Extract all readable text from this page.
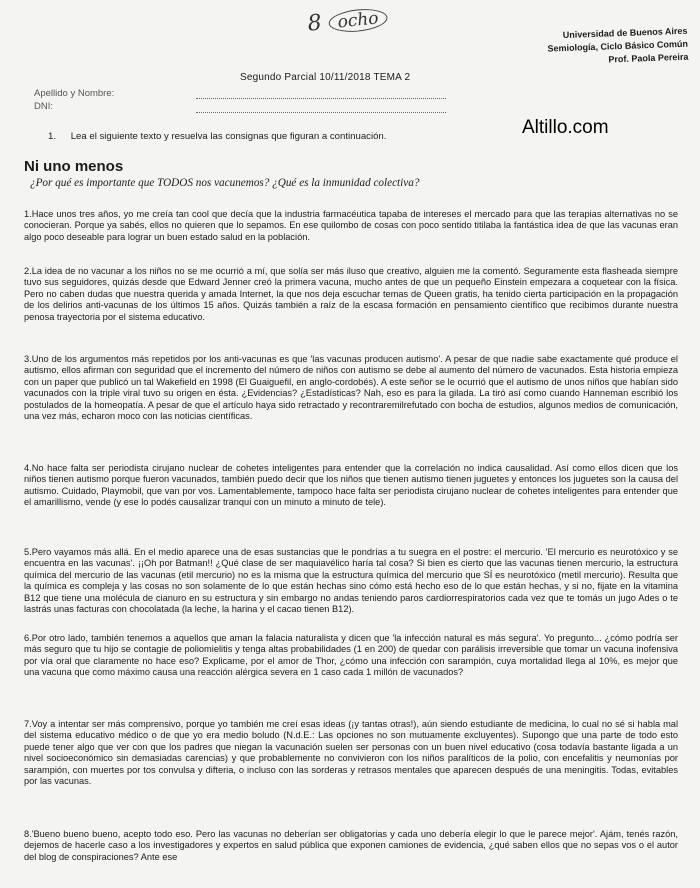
8 ocho
Universidad de Buenos Aires
Semiología, Ciclo Básico Común
Prof. Paola Pereira
Segundo Parcial 10/11/2018 TEMA 2
Apellido y Nombre:
DNI:
Altillo.com
1. Lea el siguiente texto y resuelva las consignas que figuran a continuación.
Ni uno menos
¿Por qué es importante que TODOS nos vacunemos? ¿Qué es la inmunidad colectiva?
1.Hace unos tres años, yo me creía tan cool que decía que la industria farmacéutica tapaba de intereses el mercado para que las terapias alternativas no se conocieran. Porque ya sabés, ellos no quieren que lo sepamos. En ese quilombo de cosas con poco sentido titilaba la fantástica idea de que las vacunas eran algo poco deseable para lograr un buen estado salud en la población.
2.La idea de no vacunar a los niños no se me ocurrió a mí, que solía ser más iluso que creativo, alguien me la comentó. Seguramente esta flasheada siempre tuvo sus seguidores, quizás desde que Edward Jenner creó la primera vacuna, mucho antes de que un pequeño Einstein empezara a coquetear con la física. Pero no caben dudas que nuestra querida y amada Internet, la que nos deja escuchar temas de Queen gratis, ha tenido cierta participación en la propagación de los delirios anti-vacunas de los últimos 15 años. Quizás también a raíz de la escasa formación en pensamiento científico que recibimos durante nuestra penosa trayectoria por el sistema educativo.
3.Uno de los argumentos más repetidos por los anti-vacunas es que 'las vacunas producen autismo'. A pesar de que nadie sabe exactamente qué produce el autismo, ellos afirman con seguridad que el incremento del número de niños con autismo se debe al aumento del número de vacunados. Esta historia empieza con un paper que publicó un tal Wakefield en 1998 (El Guaiguefil, en anglo-cordobés). A este señor se le ocurrió que el autismo de unos niños que habían sido vacunados con la triple viral tuvo su origen en ésta. ¿Evidencias? ¿Estadísticas? Nah, eso es para la gilada. La tiró así como cuando Hanneman escribió los postulados de la homeopatía. A pesar de que el artículo haya sido retractado y recontraremilrefutado con bocha de estudios, algunos medios de comunicación, una vez más, echaron moco con las noticias científicas.
4.No hace falta ser periodista cirujano nuclear de cohetes inteligentes para entender que la correlación no indica causalidad. Así como ellos dicen que los niños tienen autismo porque fueron vacunados, también puedo decir que los niños que tienen autismo tienen juguetes y entonces los juguetes son la causa del autismo. Cuidado, Playmobil, que van por vos. Lamentablemente, tampoco hace falta ser periodista cirujano nuclear de cohetes inteligentes para entender que el amarillismo, vende (y ese lo podés causalizar tranqui con un minuto a minuto de tele).
5.Pero vayamos más allá. En el medio aparece una de esas sustancias que le pondrías a tu suegra en el postre: el mercurio. 'El mercurio es neurotóxico y se encuentra en las vacunas'. ¡¡Oh por Batman!! ¿Qué clase de ser maquiavélico haría tal cosa? Si bien es cierto que las vacunas tienen mercurio, la estructura química del mercurio de las vacunas (etil mercurio) no es la misma que la estructura química del mercurio que SÍ es neurotóxico (metil mercurio). Resulta que la química es compleja y las cosas no son solamente de lo que están hechas sino cómo está hecho eso de lo que están hechas, y si no, fijate en la vitamina B12 que tiene una molécula de cianuro en su estructura y sin embargo no andas teniendo paros cardiorrespiratorios cada vez que te tomás un jugo Ades o te lastrás unas facturas con chocolatada (la leche, la harina y el cacao tienen B12).
6.Por otro lado, también tenemos a aquellos que aman la falacia naturalista y dicen que 'la infección natural es más segura'. Yo pregunto... ¿cómo podría ser más seguro que tu hijo se contagie de poliomielitis y tenga altas probabilidades (1 en 200) de quedar con parálisis irreversible que tomar un vacuna inofensiva por vía oral que claramente no hace eso? Explicame, por el amor de Thor, ¿cómo una infección con sarampión, cuya mortalidad llega al 10%, es mejor que una vacuna que como máximo causa una reacción alérgica severa en 1 caso cada 1 millón de vacunados?
7.Voy a intentar ser más comprensivo, porque yo también me creí esas ideas (¡y tantas otras!), aún siendo estudiante de medicina, lo cual no sé si habla mal del sistema educativo médico o de que yo era medio boludo (N.d.E.: Las opciones no son mutuamente excluyentes). Supongo que una parte de todo esto puede tener algo que ver con que los padres que niegan la vacunación suelen ser personas con un buen nivel educativo (cosa todavía bastante ligada a un nivel socioeconómico sin demasiadas carencias) y que probablemente no convivieron con los niños paralíticos de la polio, con encefalitis y neumonías por sarampión, con muertes por tos convulsa y difteria, o incluso con las sorderas y retrasos mentales que aparecen después de una meningitis. Todas, evitables por las vacunas.
8.'Bueno bueno bueno, acepto todo eso. Pero las vacunas no deberían ser obligatorias y cada uno debería elegir lo que le parece mejor'. Ajám, tenés razón, dejemos de hacerle caso a los investigadores y expertos en salud pública que exponen camiones de evidencia, ¿qué saben ellos que no sepas vos o el autor del blog de conspiraciones? Ante ese
